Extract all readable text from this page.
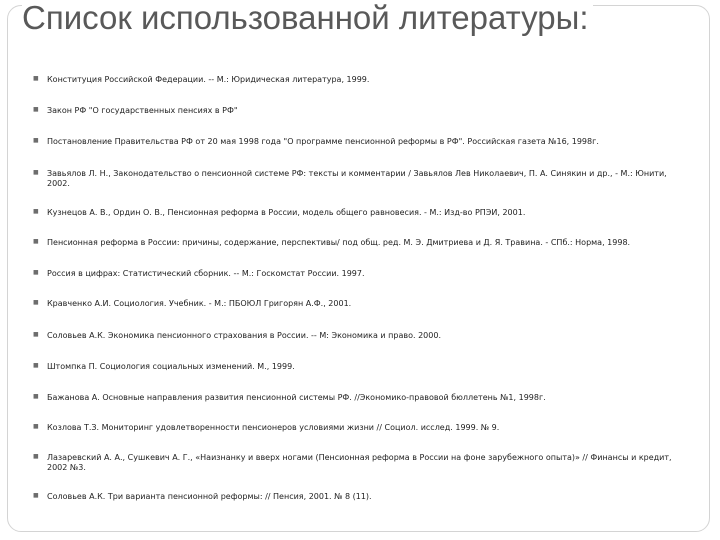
Список использованной литературы:
■ Конституция Российской Федерации. -- М.: Юридическая литература, 1999.
■ Закон РФ "О государственных пенсиях в РФ"
■ Постановление Правительства РФ от 20 мая 1998 года "О программе пенсионной реформы в РФ". Российская газета №16, 1998г.
■ Завьялов Л. Н., Законодательство о пенсионной системе РФ: тексты и комментарии / Завьялов Лев Николаевич, П. А. Синякин и др., - М.: Юнити, 2002.
■ Кузнецов А. В., Ордин О. В., Пенсионная реформа в России, модель общего равновесия. - М.: Изд-во РПЭИ, 2001.
■ Пенсионная реформа в России: причины, содержание, перспективы/ под общ. ред. М. Э. Дмитриева и Д. Я. Травина. - СПб.: Норма, 1998.
■ Россия в цифрах: Статистический сборник. -- М.: Госкомстат России. 1997.
■ Кравченко А.И. Социология. Учебник. - М.: ПБОЮЛ Григорян А.Ф., 2001.
■ Соловьев А.К. Экономика пенсионного страхования в России. -- М: Экономика и право. 2000.
■ Штомпка П. Социология социальных изменений. М., 1999.
■ Бажанова А. Основные направления развития пенсионной системы РФ. //Экономико-правовой бюллетень №1, 1998г.
■ Козлова Т.З. Мониторинг удовлетворенности пенсионеров условиями жизни // Социол. исслед. 1999. № 9.
■ Лазаревский А. А., Сушкевич А. Г., «Наизнанку и вверх ногами (Пенсионная реформа в России на фоне зарубежного опыта)» // Финансы и кредит, 2002 №3.
■ Соловьев А.К. Три варианта пенсионной реформы: // Пенсия, 2001. № 8 (11).
